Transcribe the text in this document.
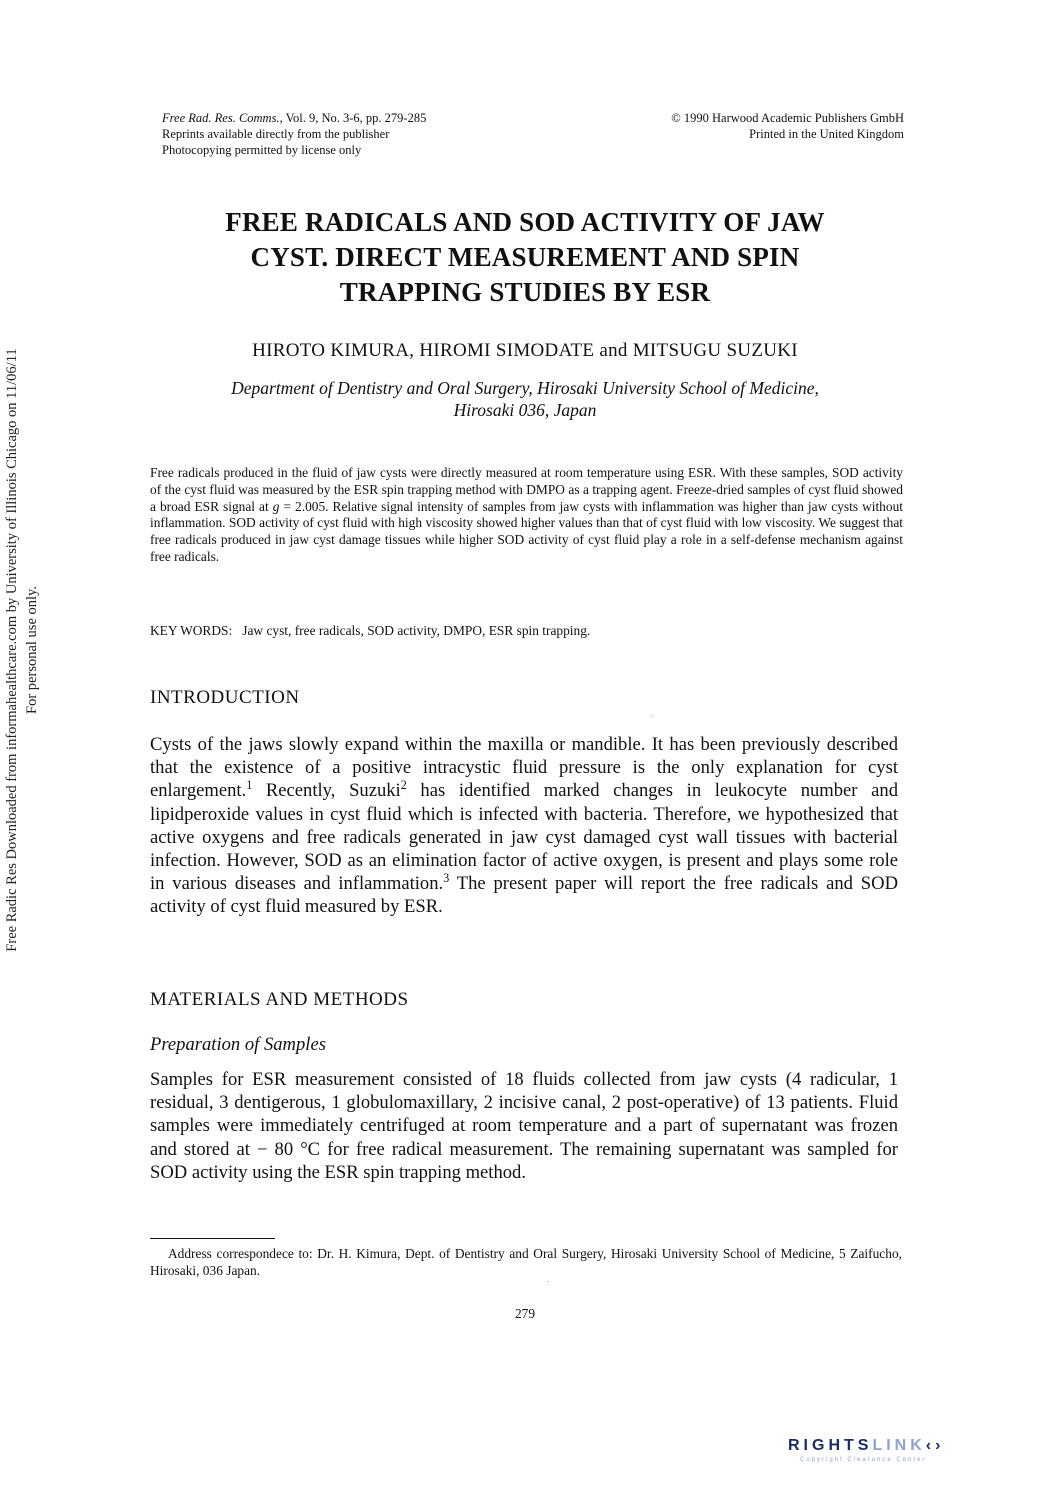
Free Rad. Res. Comms., Vol. 9, No. 3-6, pp. 279-285
Reprints available directly from the publisher
Photocopying permitted by license only
© 1990 Harwood Academic Publishers GmbH
Printed in the United Kingdom
FREE RADICALS AND SOD ACTIVITY OF JAW
CYST. DIRECT MEASUREMENT AND SPIN
TRAPPING STUDIES BY ESR
HIROTO KIMURA, HIROMI SIMODATE and MITSUGU SUZUKI
Department of Dentistry and Oral Surgery, Hirosaki University School of Medicine,
Hirosaki 036, Japan
Free radicals produced in the fluid of jaw cysts were directly measured at room temperature using ESR. With these samples, SOD activity of the cyst fluid was measured by the ESR spin trapping method with DMPO as a trapping agent. Freeze-dried samples of cyst fluid showed a broad ESR signal at g = 2.005. Relative signal intensity of samples from jaw cysts with inflammation was higher than jaw cysts without inflammation. SOD activity of cyst fluid with high viscosity showed higher values than that of cyst fluid with low viscosity. We suggest that free radicals produced in jaw cyst damage tissues while higher SOD activity of cyst fluid play a role in a self-defense mechanism against free radicals.
KEY WORDS: Jaw cyst, free radicals, SOD activity, DMPO, ESR spin trapping.
INTRODUCTION
Cysts of the jaws slowly expand within the maxilla or mandible. It has been previously described that the existence of a positive intracystic fluid pressure is the only explanation for cyst enlargement.$^1$ Recently, Suzuki$^2$ has identified marked changes in leukocyte number and lipidperoxide values in cyst fluid which is infected with bacteria. Therefore, we hypothesized that active oxygens and free radicals generated in jaw cyst damaged cyst wall tissues with bacterial infection. However, SOD as an elimination factor of active oxygen, is present and plays some role in various diseases and inflammation.$^3$ The present paper will report the free radicals and SOD activity of cyst fluid measured by ESR.
MATERIALS AND METHODS
Preparation of Samples
Samples for ESR measurement consisted of 18 fluids collected from jaw cysts (4 radicular, 1 residual, 3 dentigerous, 1 globulomaxillary, 2 incisive canal, 2 post-operative) of 13 patients. Fluid samples were immediately centrifuged at room temperature and a part of supernatant was frozen and stored at − 80 °C for free radical measurement. The remaining supernatant was sampled for SOD activity using the ESR spin trapping method.
Address correspondece to: Dr. H. Kimura, Dept. of Dentistry and Oral Surgery, Hirosaki University School of Medicine, 5 Zaifucho, Hirosaki, 036 Japan.
279
Free Radic Res Downloaded from informahealthcare.com by University of Illinois Chicago on 11/06/11 For personal use only.
RIGHTSLINK‹›
Copyright Clearance Center
